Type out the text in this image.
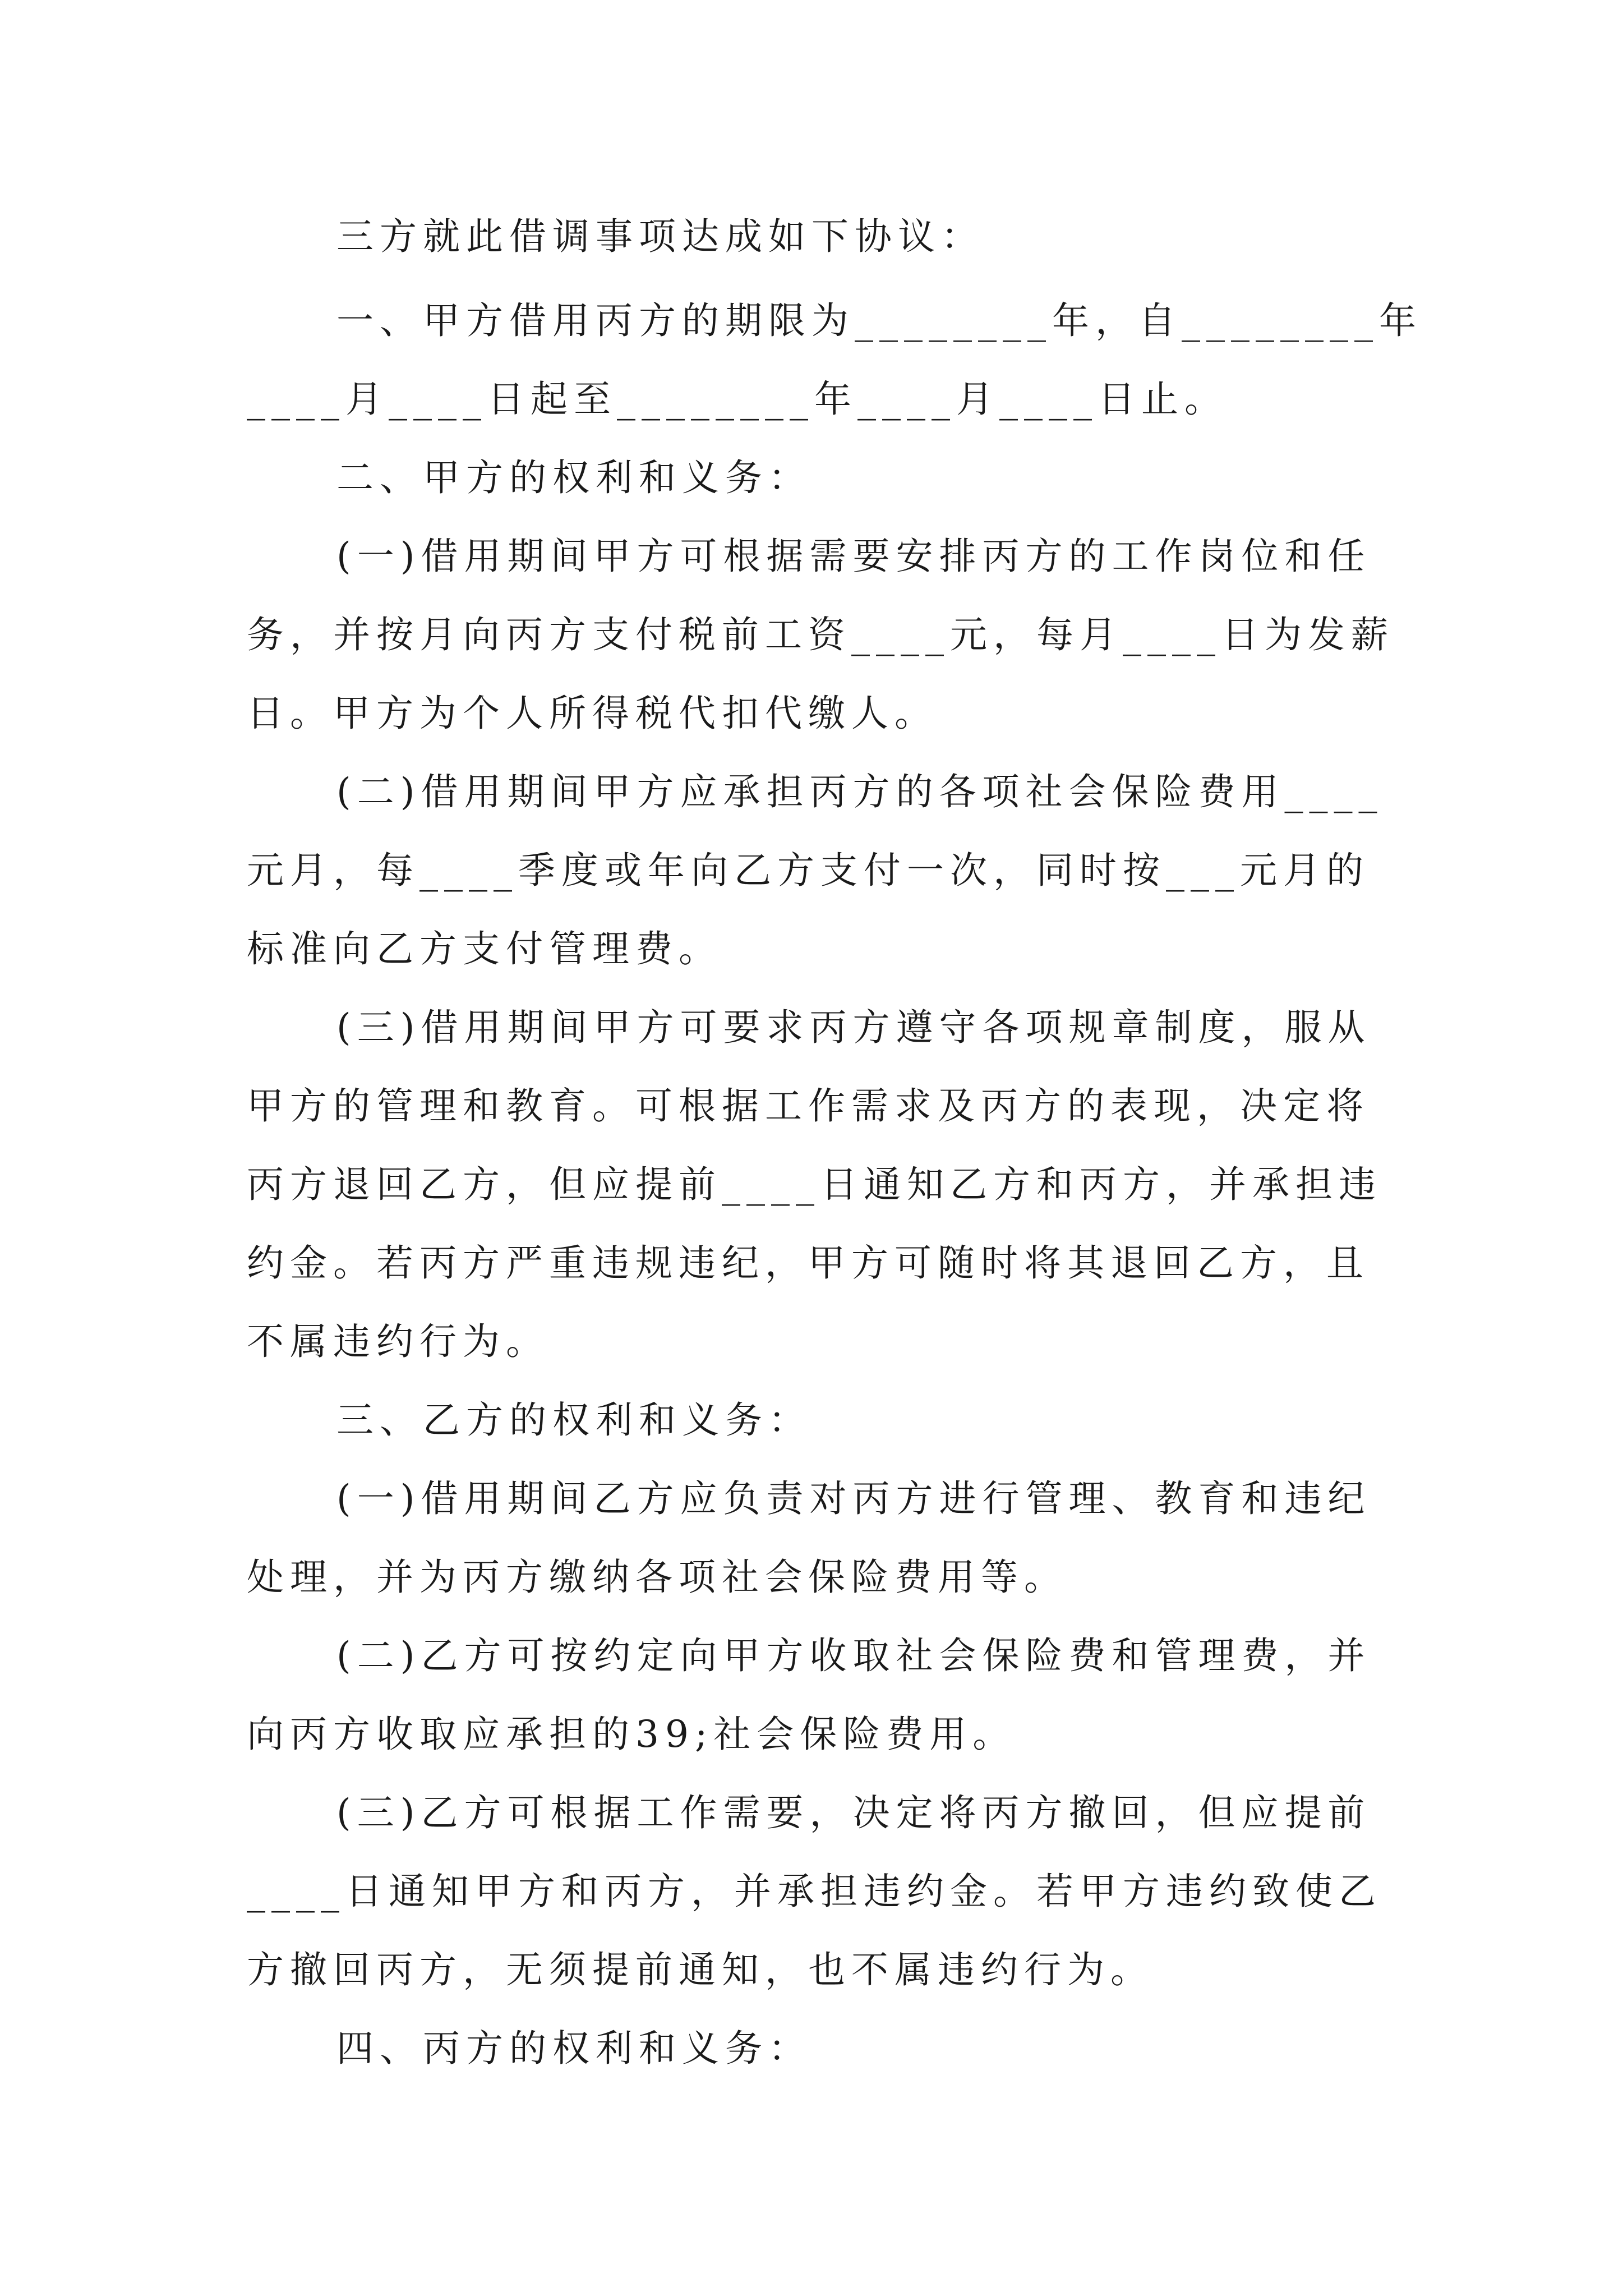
三方就此借调事项达成如下协议：
一、甲方借用丙方的期限为________年，自________年
____月____日起至________年____月____日止。
二、甲方的权利和义务：
(一)借用期间甲方可根据需要安排丙方的工作岗位和任
务，并按月向丙方支付税前工资____元，每月____日为发薪
日。甲方为个人所得税代扣代缴人。
(二)借用期间甲方应承担丙方的各项社会保险费用____
元月，每____季度或年向乙方支付一次，同时按___元月的
标准向乙方支付管理费。
(三)借用期间甲方可要求丙方遵守各项规章制度，服从
甲方的管理和教育。可根据工作需求及丙方的表现，决定将
丙方退回乙方，但应提前____日通知乙方和丙方，并承担违
约金。若丙方严重违规违纪，甲方可随时将其退回乙方，且
不属违约行为。
三、乙方的权利和义务：
(一)借用期间乙方应负责对丙方进行管理、教育和违纪
处理，并为丙方缴纳各项社会保险费用等。
(二)乙方可按约定向甲方收取社会保险费和管理费，并
向丙方收取应承担的39;社会保险费用。
(三)乙方可根据工作需要，决定将丙方撤回，但应提前
____日通知甲方和丙方，并承担违约金。若甲方违约致使乙
方撤回丙方，无须提前通知，也不属违约行为。
四、丙方的权利和义务：
